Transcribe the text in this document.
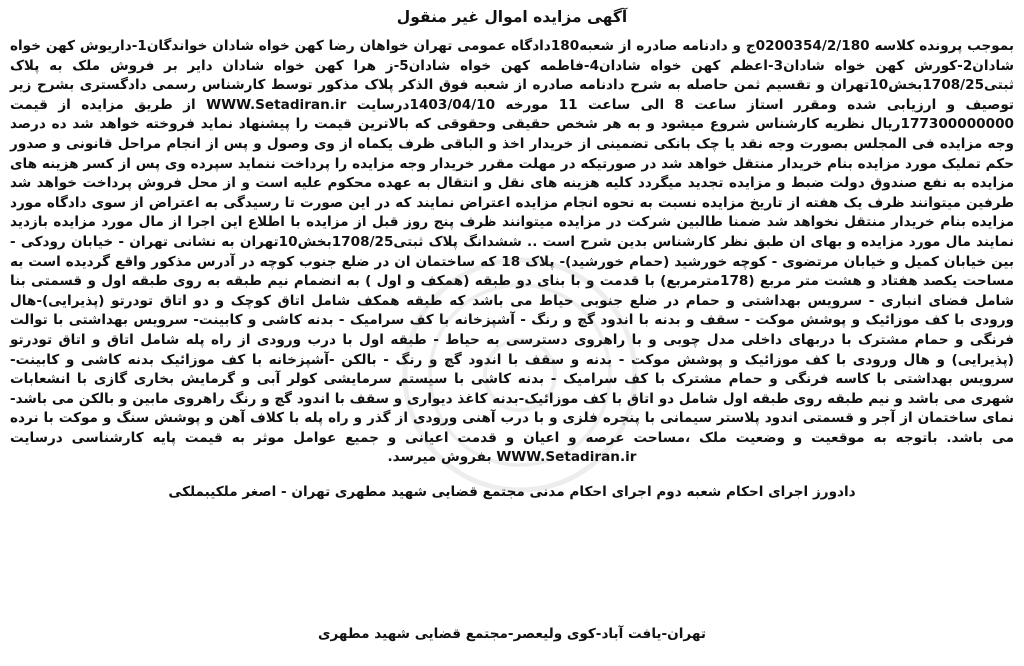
آگهی مزایده اموال غیر منقول

بموجب پرونده کلاسه 0200354/2/180ج و دادنامه صادره از شعبه180دادگاه عمومی تهران خواهان رضا کهن خواه شادان خواندگان1-داریوش کهن خواه شادان2-کورش کهن خواه شادان3-اعظم کهن خواه شادان4-فاطمه کهن خواه شادان5-ز هرا کهن خواه شادان دایر بر فروش ملک به پلاک ثبتی1708/25بخش10تهران و تقسیم ثمن حاصله به شرح دادنامه صادره از شعبه فوق الذکر پلاک مذکور توسط کارشناس رسمی دادگستری بشرح زیر توصیف و ارزیابی شده ومقرر استاز ساعت 8 الی ساعت 11 مورخه 1403/04/10درسایت WWW.Setadiran.ir از طریق مزایده از قیمت 177300000000ریال نظریه کارشناس شروع میشود و به هر شخص حقیقی وحقوقی که بالاترین قیمت را پیشنهاد نماید فروخته خواهد شد ده درصد وجه مزایده فی المجلس بصورت وجه نقد یا چک بانکی تضمینی از خریدار اخذ و الباقی ظرف یکماه از وی وصول و پس از انجام مراحل قانونی و صدور حکم تملیک مورد مزایده بنام خریدار منتقل خواهد شد در صورتیکه در مهلت مقرر خریدار وجه مزایده را پرداخت ننماید سپرده وی پس از کسر هزینه های مزایده به نفع صندوق دولت ضبط و مزایده تجدید میگردد کلیه هزینه های نقل و انتقال به عهده محکوم علیه است و از محل فروش پرداخت خواهد شد طرفین میتوانند ظرف یک هفته از تاریخ مزایده نسبت به نحوه انجام مزایده اعتراض نمایند که در این صورت تا رسیدگی به اعتراض از سوی دادگاه مورد مزایده بنام خریدار منتقل نخواهد شد ضمنا طالبین شرکت در مزایده میتوانند ظرف پنج روز قبل از مزایده با اطلاع این اجرا از مال مورد مزایده بازدید نمایند مال مورد مزایده و بهای ان طبق نظر کارشناس بدین شرح است .. ششدانگ پلاک ثبتی1708/25بخش10تهران به نشانی تهران - خیابان رودکی - بین خیابان کمیل و خیابان مرتضوی - کوچه خورشید (حمام خورشید)- پلاک 18 که ساختمان ان در ضلع جنوب کوچه در آدرس مذکور واقع گردیده است به مساحت یکصد هفتاد و هشت متر مربع (178مترمربع) با قدمت و با بنای دو طبقه (همکف و اول ) به انضمام نیم طبقه به روی طبقه اول و قسمتی بنا شامل فضای انباری - سرویس بهداشتی و حمام در ضلع جنوبی حیاط می باشد که طبقه همکف شامل اتاق کوچک و دو اتاق تودرتو (پذیرایی)-هال ورودی با کف موزائیک و پوشش موکت - سقف و بدنه با اندود گچ و رنگ - آشپزخانه با کف سرامیک - بدنه کاشی و کابینت- سرویس بهداشتی با توالت فرنگی و حمام مشترک با دربهای داخلی مدل چوبی و با راهروی دسترسی به حیاط - طبقه اول با درب ورودی از راه پله شامل اتاق و اتاق تودرتو (پذیرایی) و هال ورودی با کف موزائیک و پوشش موکت - بدنه و سقف با اندود گچ و رنگ - بالکن -آشپزخانه با کف موزائیک بدنه کاشی و کابینت- سرویس بهداشتی با کاسه فرنگی و حمام مشترک با کف سرامیک - بدنه کاشی با سیستم سرمایشی کولر آبی و گرمایش بخاری گازی با انشعابات شهری می باشد و نیم طبقه روی طبقه اول شامل دو اتاق با کف موزائیک-بدنه کاغذ دیواری و سقف با اندود گچ و رنگ راهروی مابین و بالکن می باشد- نمای ساختمان از آجر و قسمتی اندود پلاستر سیمانی با پنجره فلزی و با درب آهنی ورودی از گذر و راه پله با کلاف آهن و پوشش سنگ و موکت با نرده می باشد. باتوجه به موقعیت و وضعیت ملک ،مساحت عرصه و اعیان و قدمت اعیانی و جمیع عوامل موثر به قیمت پایه کارشناسی درسایت WWW.Setadiran.ir بفروش میرسد.

دادورز اجرای احکام شعبه دوم اجرای احکام مدنی مجتمع قضایی شهید مطهری تهران - اصغر ملکیبملکی
تهران-یافت آباد-کوی ولیعصر-مجتمع قضایی شهید مطهری
